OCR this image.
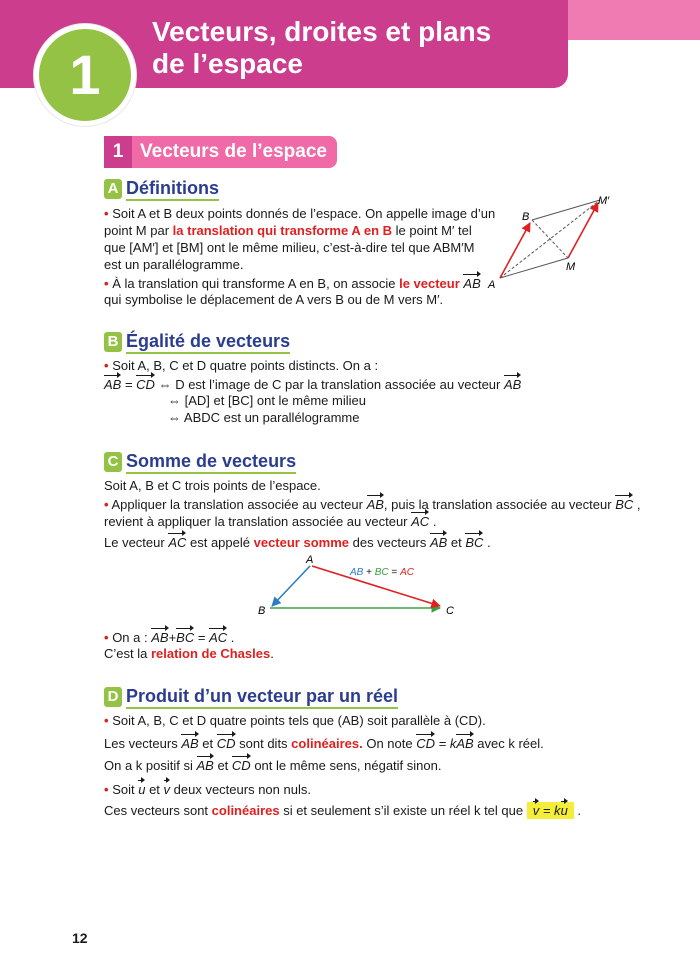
1
Vecteurs, droites et plans
de l’espace
1 Vecteurs de l’espace
A Définitions
• Soit A et B deux points donnés de l’espace. On appelle image d’un
point M par la translation qui transforme A en B le point M′ tel
que [AM′] et [BM] ont le même milieu, c’est-à-dire tel que ABM′M
est un parallélogramme.
• À la translation qui transforme A en B, on associe le vecteur AB
qui symbolise le déplacement de A vers B ou de M vers M′.
A
B
M
M′
B Égalité de vecteurs
• Soit A, B, C et D quatre points distincts. On a :
AB = CD ⇔ D est l’image de C par la translation associée au vecteur AB
⇔ [AD] et [BC] ont le même milieu
⇔ ABDC est un parallélogramme
C Somme de vecteurs
Soit A, B et C trois points de l’espace.
• Appliquer la translation associée au vecteur AB, puis la translation associée au vecteur BC ,
revient à appliquer la translation associée au vecteur AC .
Le vecteur AC est appelé vecteur somme des vecteurs AB et BC .
A
B	C
AB + BC = AC
• On a : AB+BC = AC .
C’est la relation de Chasles.
D Produit d’un vecteur par un réel
• Soit A, B, C et D quatre points tels que (AB) soit parallèle à (CD).
Les vecteurs AB et CD sont dits colinéaires. On note CD = kAB avec k réel.
On a k positif si AB et CD ont le même sens, négatif sinon.
• Soit u et v deux vecteurs non nuls.
Ces vecteurs sont colinéaires si et seulement s’il existe un réel k tel que v = ku .
12
